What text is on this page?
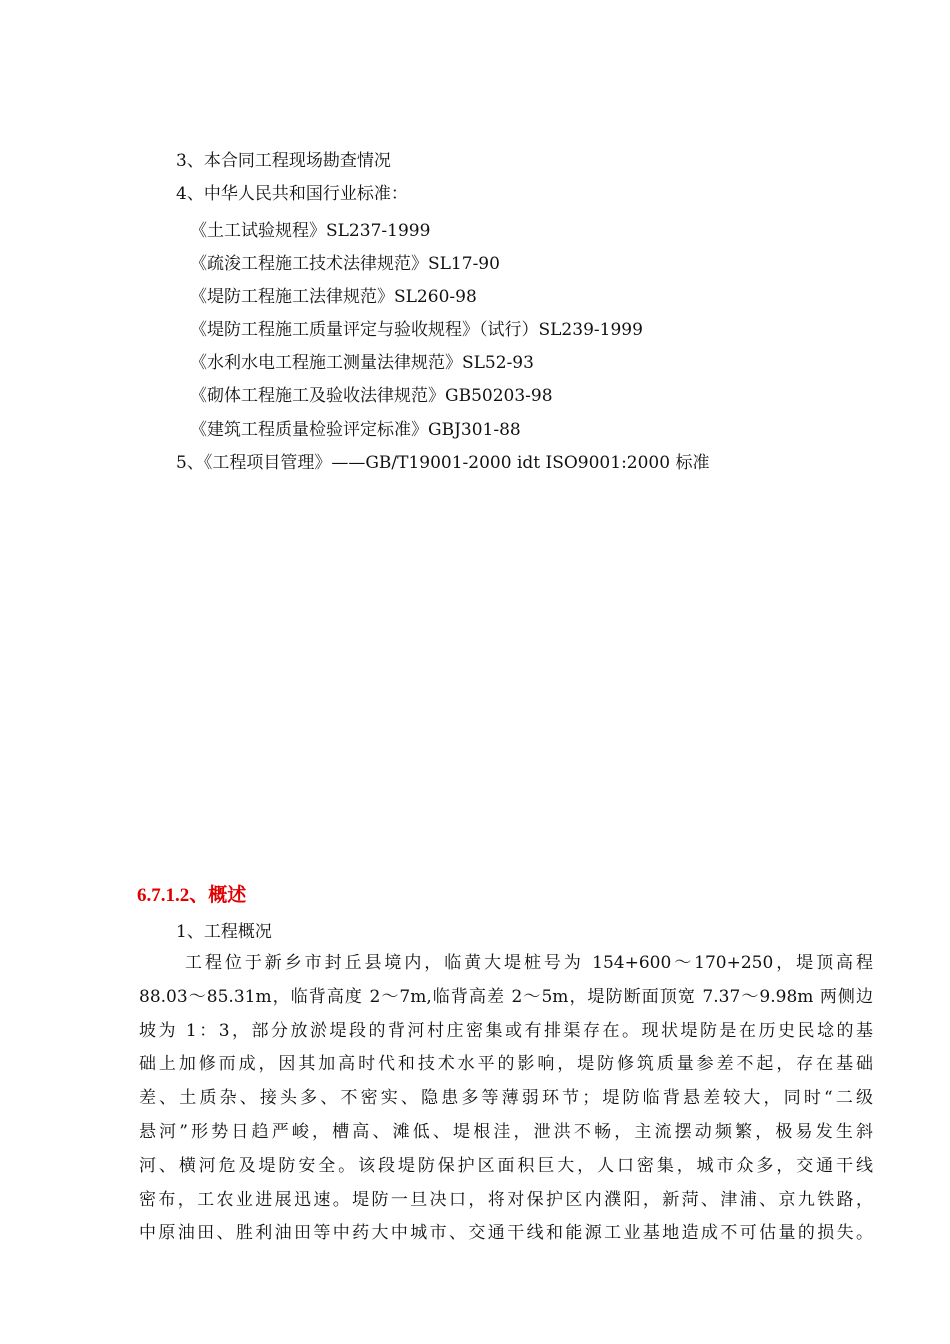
3、本合同工程现场勘查情况
4、中华人民共和国行业标准：
《土工试验规程》SL237-1999
《疏浚工程施工技术法律规范》SL17-90
《堤防工程施工法律规范》SL260-98
《堤防工程施工质量评定与验收规程》（试行）SL239-1999
《水利水电工程施工测量法律规范》SL52-93
《砌体工程施工及验收法律规范》GB50203-98
《建筑工程质量检验评定标准》GBJ301-88
5、《工程项目管理》——GB/T19001-2000 idt ISO9001:2000 标准
6.7.1.2、概述
1、工程概况
工程位于新乡市封丘县境内，临黄大堤桩号为 154+600～170+250，堤顶高程
88.03～85.31m，临背高度 2～7m,临背高差 2～5m，堤防断面顶宽 7.37～9.98m 两侧边
坡为 1：3，部分放淤堤段的背河村庄密集或有排渠存在。现状堤防是在历史民埝的基
础上加修而成，因其加高时代和技术水平的影响，堤防修筑质量参差不起，存在基础
差、土质杂、接头多、不密实、隐患多等薄弱环节；堤防临背悬差较大，同时“二级
悬河”形势日趋严峻，槽高、滩低、堤根洼，泄洪不畅，主流摆动频繁，极易发生斜
河、横河危及堤防安全。该段堤防保护区面积巨大，人口密集，城市众多，交通干线
密布，工农业进展迅速。堤防一旦决口，将对保护区内濮阳，新菏、津浦、京九铁路，
中原油田、胜利油田等中药大中城市、交通干线和能源工业基地造成不可估量的损失。
